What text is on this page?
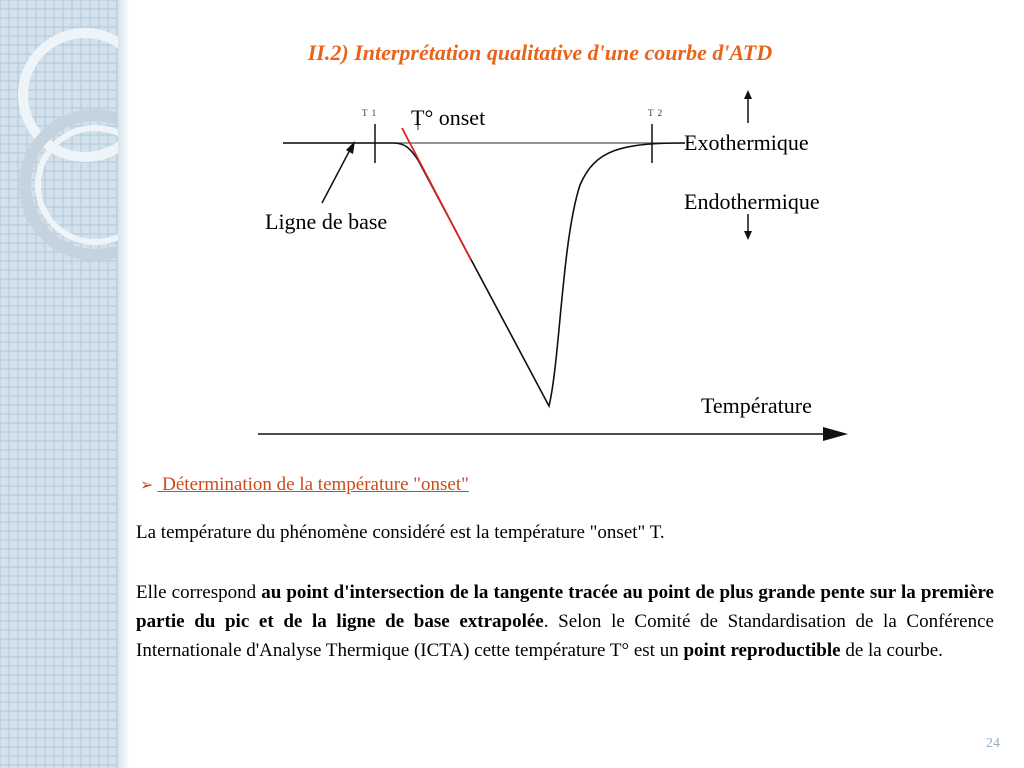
II.2) Interprétation qualitative d'une courbe d'ATD
T 1	T 2
T° onset
Ligne de base
Exothermique
Endothermique
Température
➢ Détermination de la température "onset"

La température du phénomène considéré est la température "onset" T.

Elle correspond au point d'intersection de la tangente tracée au point de plus grande pente sur la première partie du pic et de la ligne de base extrapolée. Selon le Comité de Standardisation de la Conférence Internationale d'Analyse Thermique (ICTA) cette température T° est un point reproductible de la courbe.

24
